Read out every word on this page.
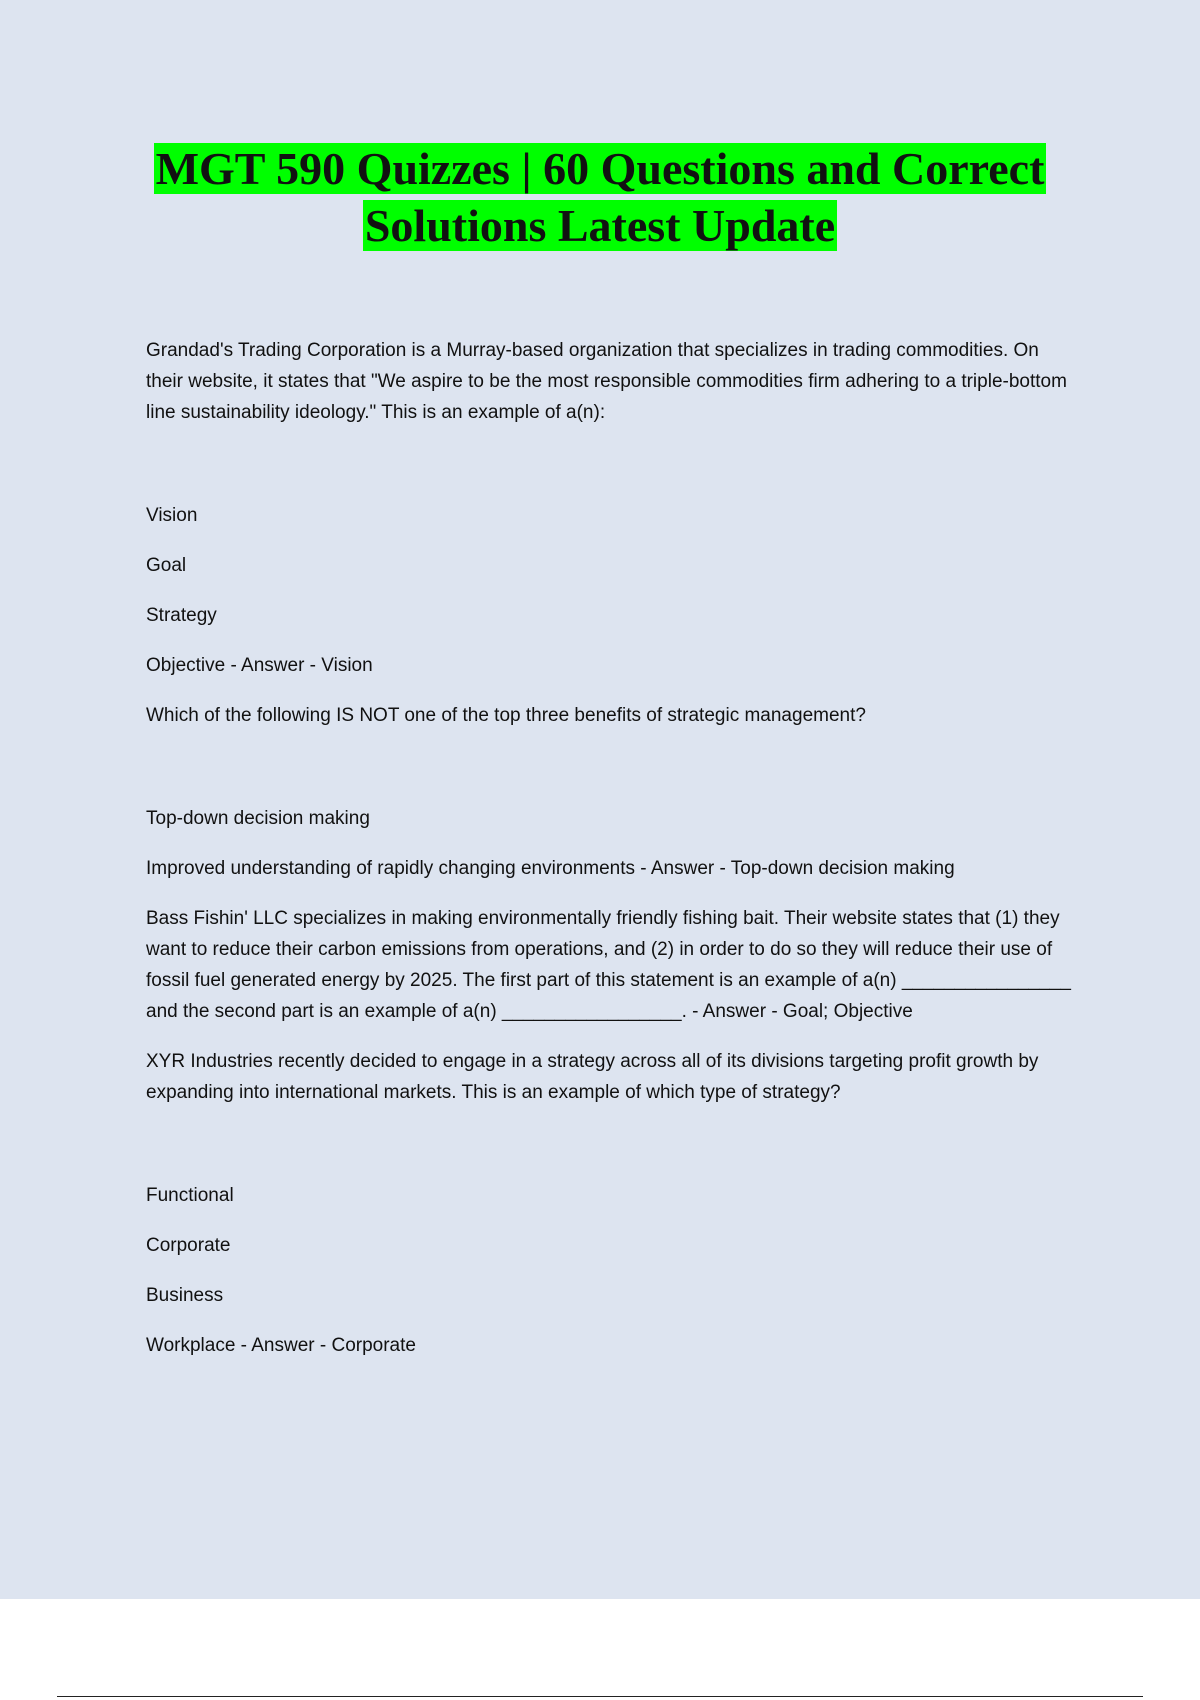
MGT 590 Quizzes | 60 Questions and Correct
Solutions Latest Update

Grandad's Trading Corporation is a Murray-based organization that specializes in trading commodities. On their website, it states that "We aspire to be the most responsible commodities firm adhering to a triple-bottom line sustainability ideology." This is an example of a(n):

Vision
Goal
Strategy
Objective - Answer - Vision

Which of the following IS NOT one of the top three benefits of strategic management?

Top-down decision making
Improved understanding of rapidly changing environments - Answer - Top-down decision making

Bass Fishin' LLC specializes in making environmentally friendly fishing bait. Their website states that (1) they want to reduce their carbon emissions from operations, and (2) in order to do so they will reduce their use of fossil fuel generated energy by 2025. The first part of this statement is an example of a(n) ________________ and the second part is an example of a(n) _________________. - Answer - Goal; Objective

XYR Industries recently decided to engage in a strategy across all of its divisions targeting profit growth by expanding into international markets. This is an example of which type of strategy?

Functional
Corporate
Business
Workplace - Answer - Corporate
